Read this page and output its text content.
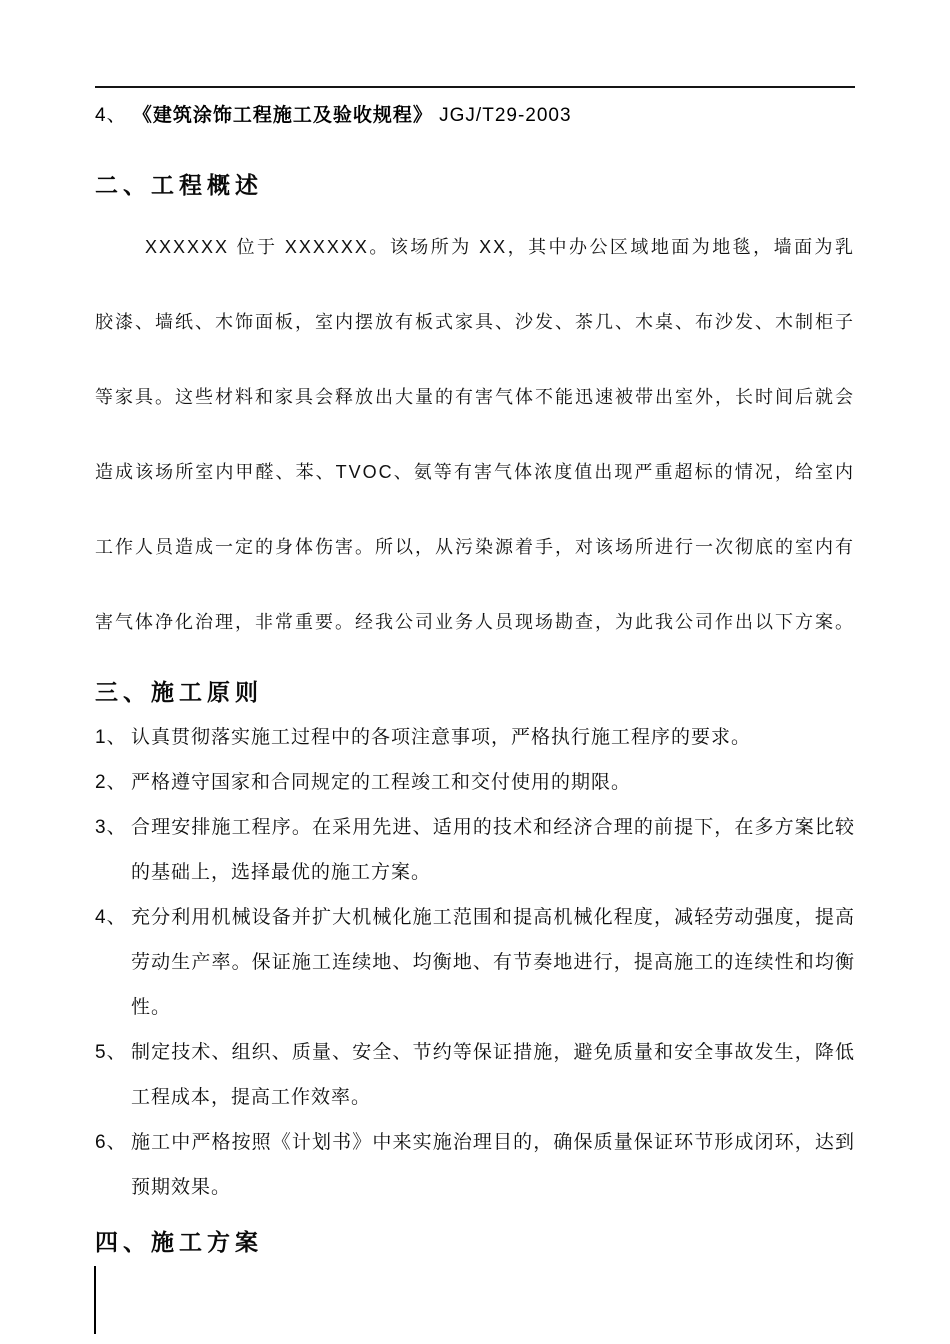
4、 《建筑涂饰工程施工及验收规程》 JGJ/T29-2003

二、工程概述

XXXXXX 位于 XXXXXX。该场所为 XX，其中办公区域地面为地毯，墙面为乳胶漆、墙纸、木饰面板，室内摆放有板式家具、沙发、茶几、木桌、布沙发、木制柜子等家具。这些材料和家具会释放出大量的有害气体不能迅速被带出室外，长时间后就会造成该场所室内甲醛、苯、TVOC、氨等有害气体浓度值出现严重超标的情况，给室内工作人员造成一定的身体伤害。所以，从污染源着手，对该场所进行一次彻底的室内有害气体净化治理，非常重要。经我公司业务人员现场勘查，为此我公司作出以下方案。

三、施工原则
1、 认真贯彻落实施工过程中的各项注意事项，严格执行施工程序的要求。
2、 严格遵守国家和合同规定的工程竣工和交付使用的期限。
3、 合理安排施工程序。在采用先进、适用的技术和经济合理的前提下，在多方案比较的基础上，选择最优的施工方案。
4、 充分利用机械设备并扩大机械化施工范围和提高机械化程度，减轻劳动强度，提高劳动生产率。保证施工连续地、均衡地、有节奏地进行，提高施工的连续性和均衡性。
5、 制定技术、组织、质量、安全、节约等保证措施，避免质量和安全事故发生，降低工程成本，提高工作效率。
6、 施工中严格按照《计划书》中来实施治理目的，确保质量保证环节形成闭环，达到预期效果。
四、施工方案
